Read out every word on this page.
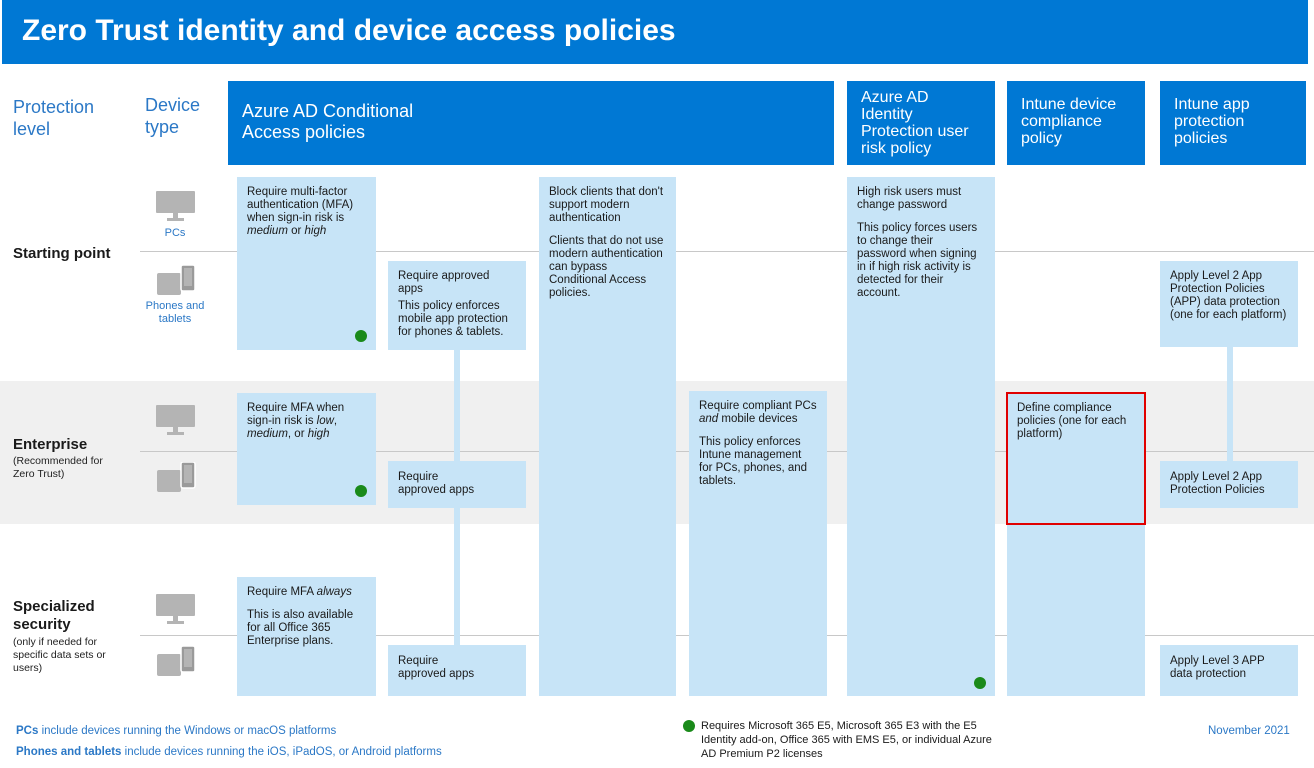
Zero Trust identity and device access policies
Protection level
Device type
Azure AD Conditional Access policies
Azure AD Identity Protection user risk policy
Intune device compliance policy
Intune app protection policies
Starting point
Enterprise
(Recommended for Zero Trust)
Specialized security
(only if needed for specific data sets or users)
PCs
Phones and tablets

Require multi-factor authentication (MFA) when sign-in risk is medium or high

Require approved apps

This policy enforces mobile app protection for phones & tablets.

Block clients that don't support modern authentication

Clients that do not use modern authentication can bypass Conditional Access policies.

High risk users must change password

This policy forces users to change their password when signing in if high risk activity is detected for their account.

Apply Level 2 App Protection Policies (APP) data protection (one for each platform)

Require MFA when sign-in risk is low, medium, or high

Require approved apps

Require compliant PCs and mobile devices

This policy enforces Intune management for PCs, phones, and tablets.

Define compliance policies (one for each platform)
Apply Level 2 App Protection Policies

Require MFA always

This is also available for all Office 365 Enterprise plans.

Require approved apps

Apply Level 3 APP data protection
PCs include devices running the Windows or macOS platforms
Phones and tablets include devices running the iOS, iPadOS, or Android platforms
Requires Microsoft 365 E5, Microsoft 365 E3 with the E5 Identity add-on, Office 365 with EMS E5, or individual Azure AD Premium P2 licenses
November 2021
